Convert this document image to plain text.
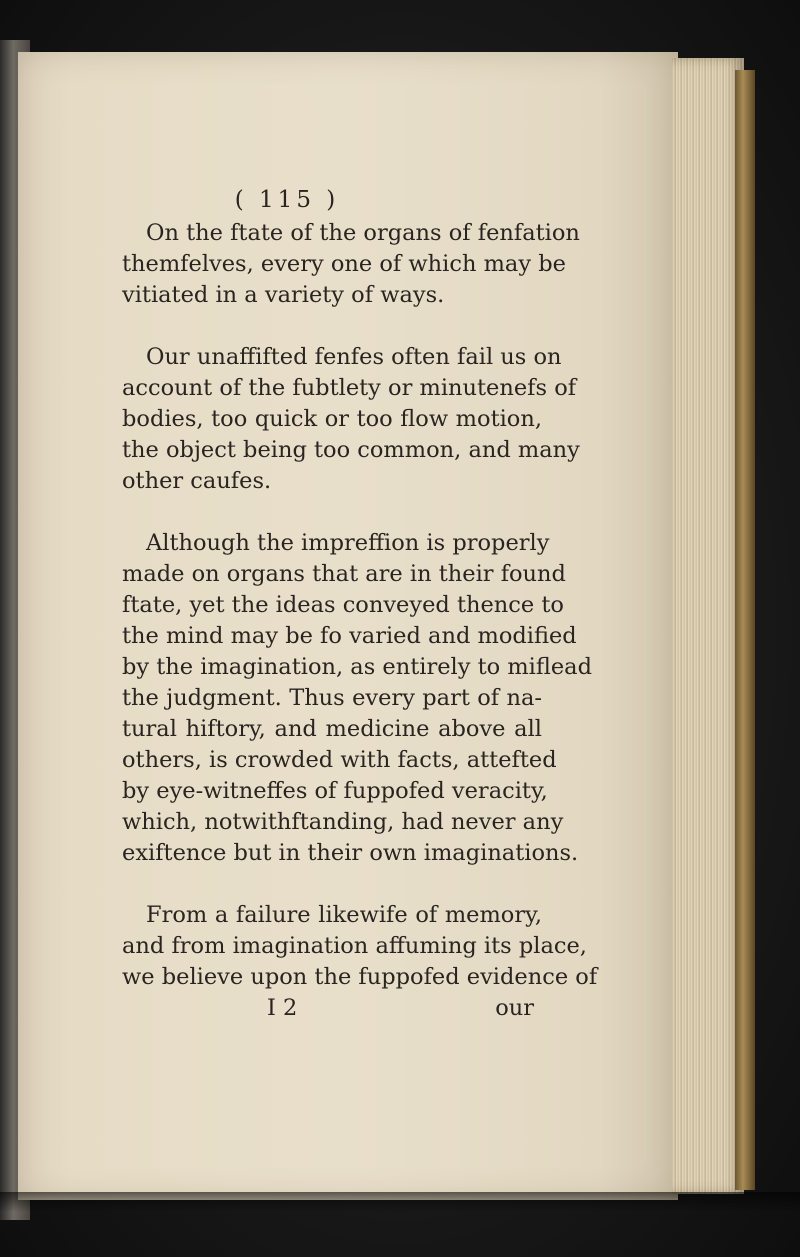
( 115 )

On the ftate of the organs of fenfation
themfelves, every one of which may be
vitiated in a variety of ways.

Our unaffifted fenfes often fail us on
account of the fubtlety or minutenefs of
bodies, too quick or too flow motion,
the object being too common, and many
other caufes.

Although the impreffion is properly
made on organs that are in their found
ftate, yet the ideas conveyed thence to
the mind may be fo varied and modified
by the imagination, as entirely to miflead
the judgment. Thus every part of na-
tural hiftory, and medicine above all
others, is crowded with facts, attefted
by eye-witneffes of fuppofed veracity,
which, notwithftanding, had never any
exiftence but in their own imaginations.

From a failure likewife of memory,
and from imagination affuming its place,
we believe upon the fuppofed evidence of

I 2	our
